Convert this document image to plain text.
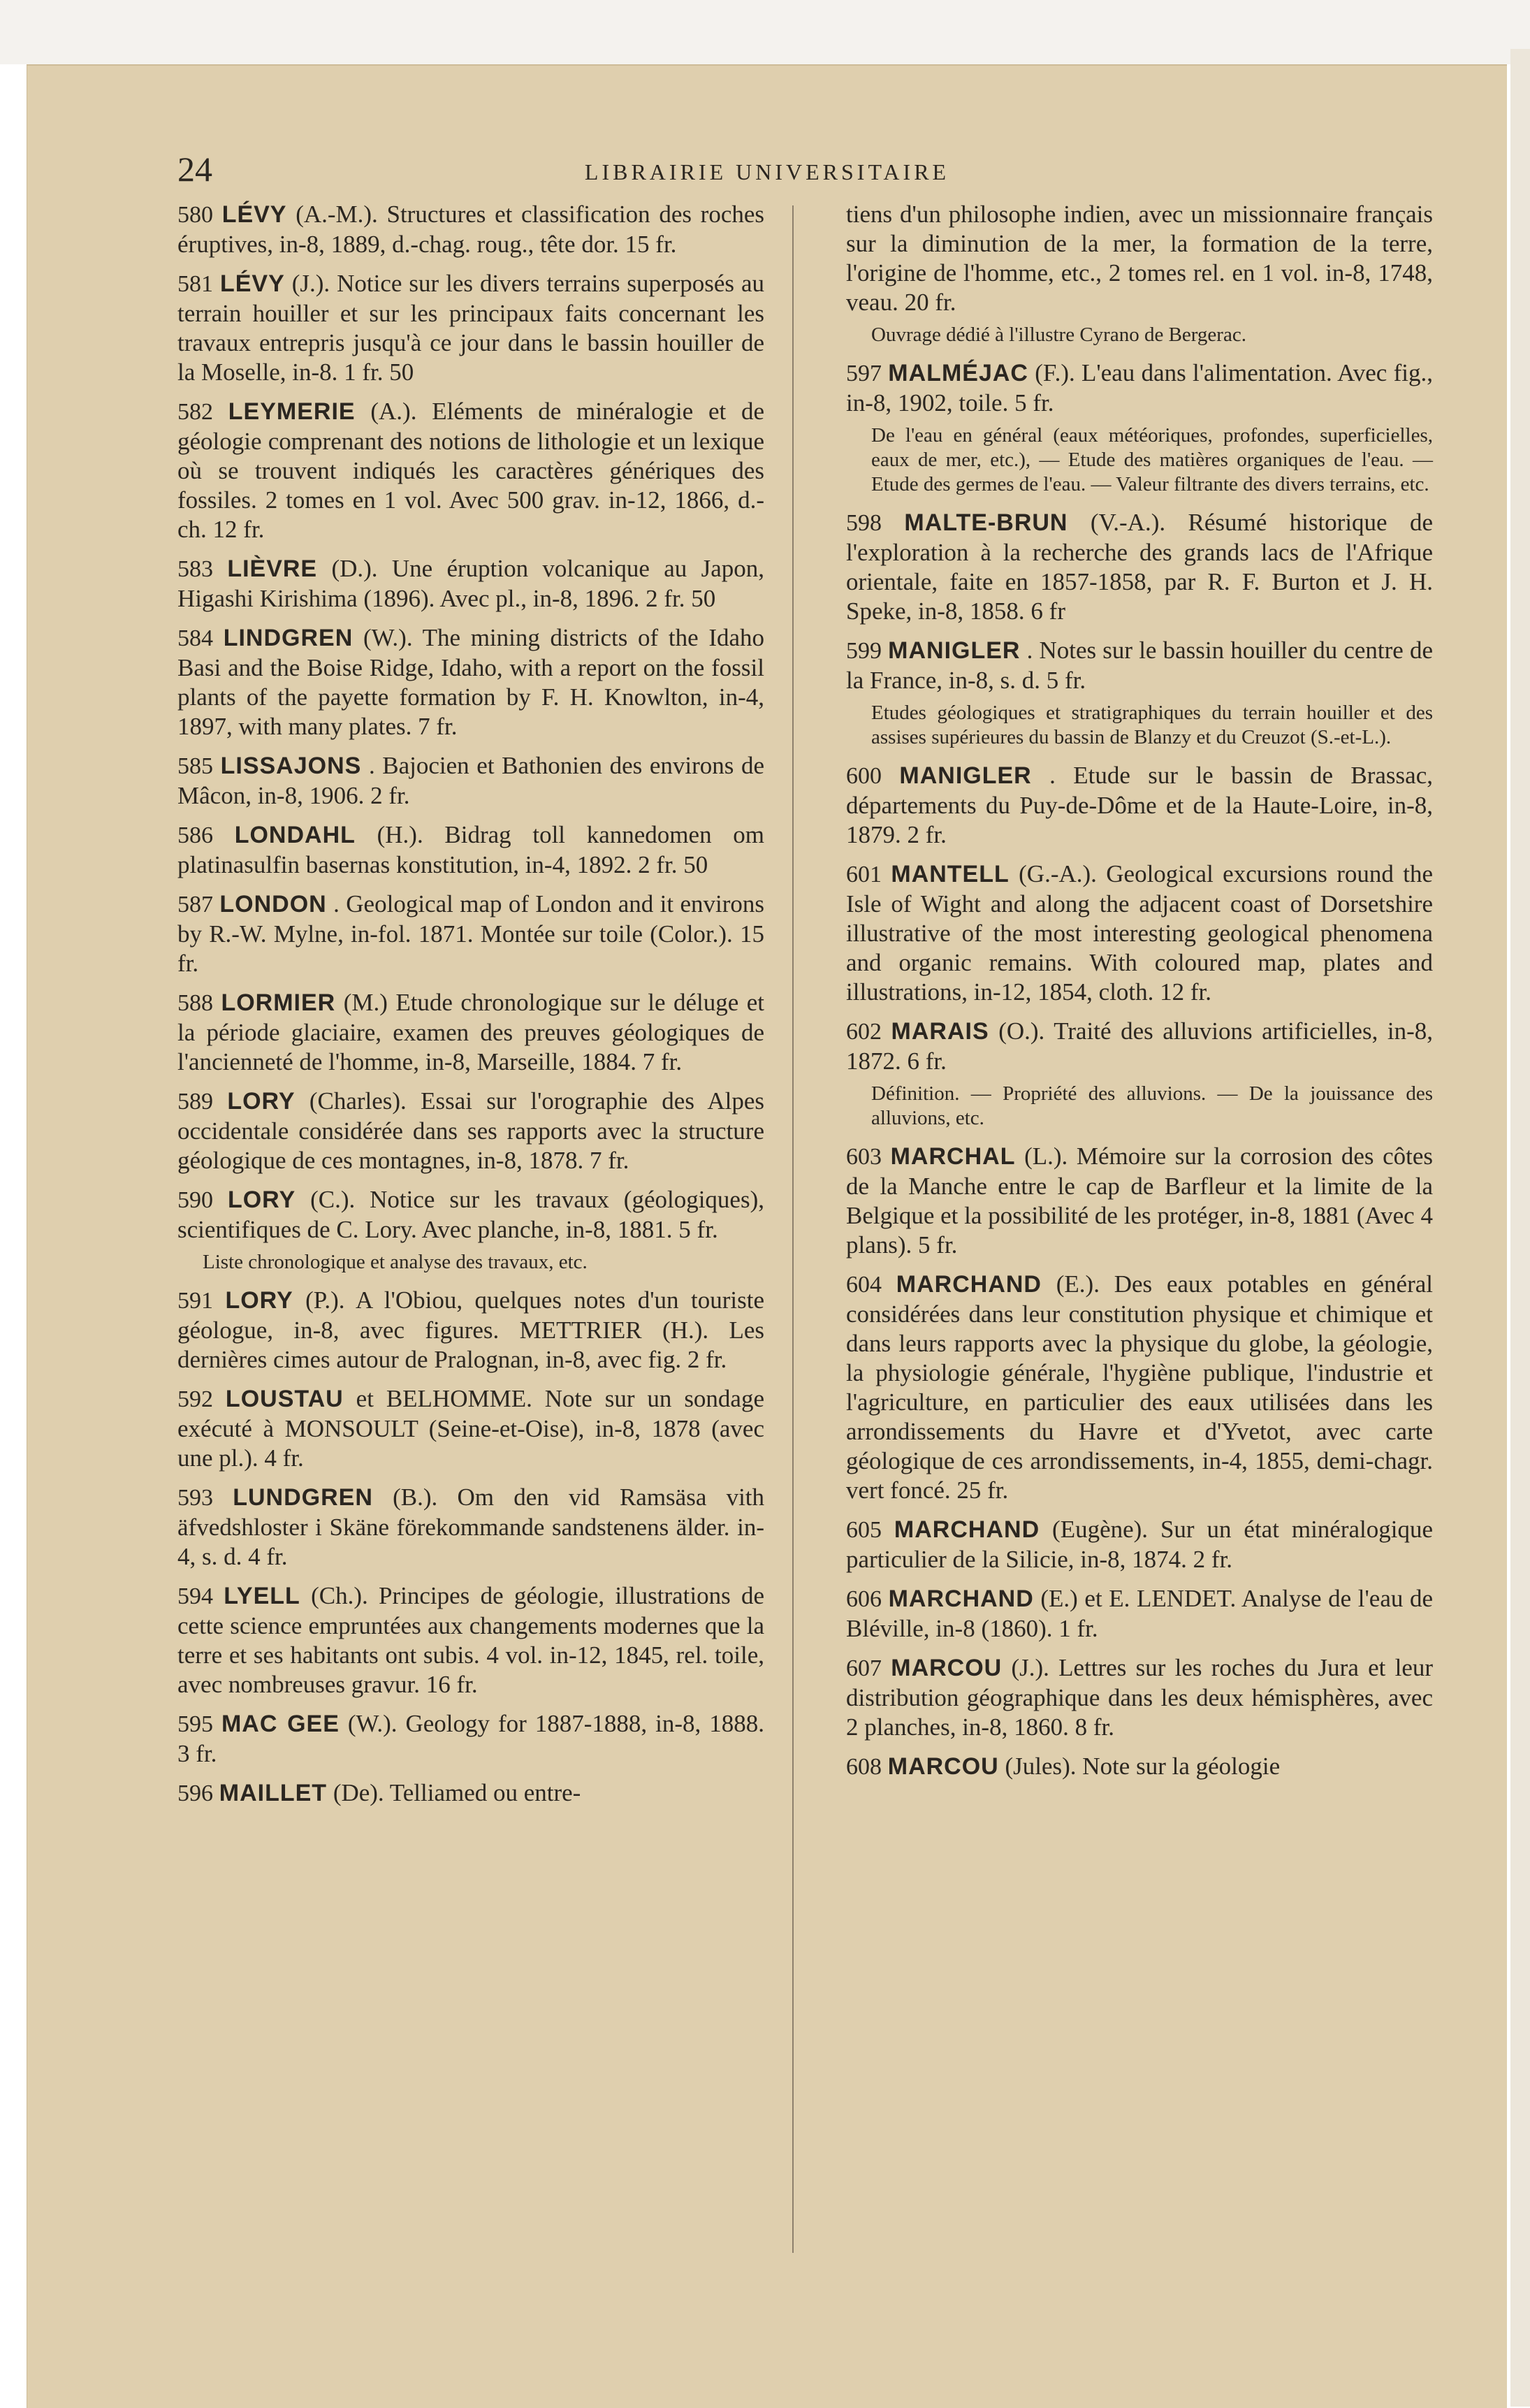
24	LIBRAIRIE UNIVERSITAIRE
580 LÉVY (A.-M.). Structures et classification des roches éruptives, in-8, 1889, d.-chag. roug., tête dor. 15 fr.
581 LÉVY (J.). Notice sur les divers terrains superposés au terrain houiller et sur les principaux faits concernant les travaux entrepris jusqu'à ce jour dans le bassin houiller de la Moselle, in-8. 1 fr. 50
582 LEYMERIE (A.). Eléments de minéralogie et de géologie comprenant des notions de lithologie et un lexique où se trouvent indiqués les caractères génériques des fossiles. 2 tomes en 1 vol. Avec 500 grav. in-12, 1866, d.-ch. 12 fr.
583 LIÈVRE (D.). Une éruption volcanique au Japon, Higashi Kirishima (1896). Avec pl., in-8, 1896. 2 fr. 50
584 LINDGREN (W.). The mining districts of the Idaho Basi and the Boise Ridge, Idaho, with a report on the fossil plants of the payette formation by F. H. Knowlton, in-4, 1897, with many plates. 7 fr.
585 LISSAJONS . Bajocien et Bathonien des environs de Mâcon, in-8, 1906. 2 fr.
586 LONDAHL (H.). Bidrag toll kannedomen om platinasulfin basernas konstitution, in-4, 1892. 2 fr. 50
587 LONDON . Geological map of London and it environs by R.-W. Mylne, in-fol. 1871. Montée sur toile (Color.). 15 fr.
588 LORMIER (M.) Etude chronologique sur le déluge et la période glaciaire, examen des preuves géologiques de l'ancienneté de l'homme, in-8, Marseille, 1884. 7 fr.
589 LORY (Charles). Essai sur l'orographie des Alpes occidentale considérée dans ses rapports avec la structure géologique de ces montagnes, in-8, 1878. 7 fr.
590 LORY (C.). Notice sur les travaux (géologiques), scientifiques de C. Lory. Avec planche, in-8, 1881. 5 fr.
Liste chronologique et analyse des travaux, etc.
591 LORY (P.). A l'Obiou, quelques notes d'un touriste géologue, in-8, avec figures. METTRIER (H.). Les dernières cimes autour de Pralognan, in-8, avec fig. 2 fr.
592 LOUSTAU et BELHOMME. Note sur un sondage exécuté à MONSOULT (Seine-et-Oise), in-8, 1878 (avec une pl.). 4 fr.
593 LUNDGREN (B.). Om den vid Ramsäsa vith äfvedshloster i Skäne förekommande sandstenens älder. in-4, s. d. 4 fr.
594 LYELL (Ch.). Principes de géologie, illustrations de cette science empruntées aux changements modernes que la terre et ses habitants ont subis. 4 vol. in-12, 1845, rel. toile, avec nombreuses gravur. 16 fr.
595 MAC GEE (W.). Geology for 1887-1888, in-8, 1888. 3 fr.
596 MAILLET (De). Telliamed ou entre-
tiens d'un philosophe indien, avec un missionnaire français sur la diminution de la mer, la formation de la terre, l'origine de l'homme, etc., 2 tomes rel. en 1 vol. in-8, 1748, veau. 20 fr.
Ouvrage dédié à l'illustre Cyrano de Bergerac.
597 MALMÉJAC (F.). L'eau dans l'alimentation. Avec fig., in-8, 1902, toile. 5 fr.
De l'eau en général (eaux météoriques, profondes, superficielles, eaux de mer, etc.), — Etude des matières organiques de l'eau. — Etude des germes de l'eau. — Valeur filtrante des divers terrains, etc.
598 MALTE-BRUN (V.-A.). Résumé historique de l'exploration à la recherche des grands lacs de l'Afrique orientale, faite en 1857-1858, par R. F. Burton et J. H. Speke, in-8, 1858. 6 fr
599 MANIGLER . Notes sur le bassin houiller du centre de la France, in-8, s. d. 5 fr.
Etudes géologiques et stratigraphiques du terrain houiller et des assises supérieures du bassin de Blanzy et du Creuzot (S.-et-L.).
600 MANIGLER . Etude sur le bassin de Brassac, départements du Puy-de-Dôme et de la Haute-Loire, in-8, 1879. 2 fr.
601 MANTELL (G.-A.). Geological excursions round the Isle of Wight and along the adjacent coast of Dorsetshire illustrative of the most interesting geological phenomena and organic remains. With coloured map, plates and illustrations, in-12, 1854, cloth. 12 fr.
602 MARAIS (O.). Traité des alluvions artificielles, in-8, 1872. 6 fr.
Définition. — Propriété des alluvions. — De la jouissance des alluvions, etc.
603 MARCHAL (L.). Mémoire sur la corrosion des côtes de la Manche entre le cap de Barfleur et la limite de la Belgique et la possibilité de les protéger, in-8, 1881 (Avec 4 plans). 5 fr.
604 MARCHAND (E.). Des eaux potables en général considérées dans leur constitution physique et chimique et dans leurs rapports avec la physique du globe, la géologie, la physiologie générale, l'hygiène publique, l'industrie et l'agriculture, en particulier des eaux utilisées dans les arrondissements du Havre et d'Yvetot, avec carte géologique de ces arrondissements, in-4, 1855, demi-chagr. vert foncé. 25 fr.
605 MARCHAND (Eugène). Sur un état minéralogique particulier de la Silicie, in-8, 1874. 2 fr.
606 MARCHAND (E.) et E. LENDET. Analyse de l'eau de Bléville, in-8 (1860). 1 fr.
607 MARCOU (J.). Lettres sur les roches du Jura et leur distribution géographique dans les deux hémisphères, avec 2 planches, in-8, 1860. 8 fr.
608 MARCOU (Jules). Note sur la géologie
